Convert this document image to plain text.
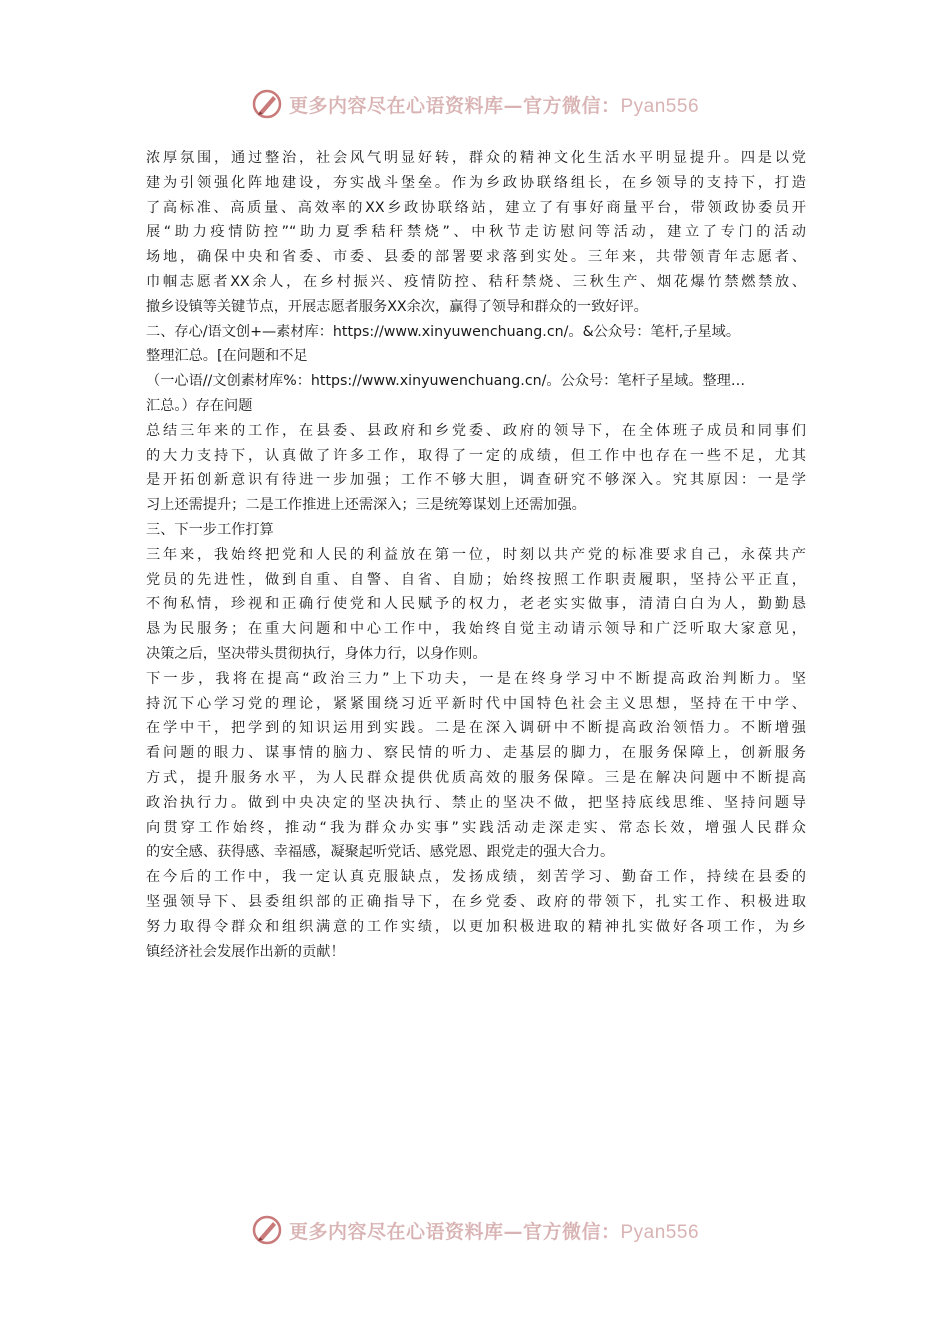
更多内容尽在心语资料库—官方微信：Pyan556
浓厚氛围，通过整治，社会风气明显好转，群众的精神文化生活水平明显提升。四是以党
建为引领强化阵地建设，夯实战斗堡垒。作为乡政协联络组长，在乡领导的支持下，打造
了高标准、高质量、高效率的XX乡政协联络站，建立了有事好商量平台，带领政协委员开
展“助力疫情防控”“助力夏季秸秆禁烧”、中秋节走访慰问等活动，建立了专门的活动
场地，确保中央和省委、市委、县委的部署要求落到实处。三年来，共带领青年志愿者、
巾帼志愿者XX余人，在乡村振兴、疫情防控、秸秆禁烧、三秋生产、烟花爆竹禁燃禁放、
撤乡设镇等关键节点，开展志愿者服务XX余次，赢得了领导和群众的一致好评。
二、存心/语文创+—素材库：https://www.xinyuwenchuang.cn/。&公众号：笔杆,子星域。
整理汇总。[在问题和不足
（一心语//文创素材库%：https://www.xinyuwenchuang.cn/。公众号：笔杆子星域。整理…
汇总。）存在问题
总结三年来的工作，在县委、县政府和乡党委、政府的领导下，在全体班子成员和同事们
的大力支持下，认真做了许多工作，取得了一定的成绩，但工作中也存在一些不足，尤其
是开拓创新意识有待进一步加强；工作不够大胆，调查研究不够深入。究其原因：一是学
习上还需提升；二是工作推进上还需深入；三是统筹谋划上还需加强。
三、下一步工作打算
三年来，我始终把党和人民的利益放在第一位，时刻以共产党的标准要求自己，永葆共产
党员的先进性，做到自重、自警、自省、自励；始终按照工作职责履职，坚持公平正直，
不徇私情，珍视和正确行使党和人民赋予的权力，老老实实做事，清清白白为人，勤勤恳
恳为民服务；在重大问题和中心工作中，我始终自觉主动请示领导和广泛听取大家意见，
决策之后，坚决带头贯彻执行，身体力行，以身作则。
下一步，我将在提高“政治三力”上下功夫，一是在终身学习中不断提高政治判断力。坚
持沉下心学习党的理论，紧紧围绕习近平新时代中国特色社会主义思想，坚持在干中学、
在学中干，把学到的知识运用到实践。二是在深入调研中不断提高政治领悟力。不断增强
看问题的眼力、谋事情的脑力、察民情的听力、走基层的脚力，在服务保障上，创新服务
方式，提升服务水平，为人民群众提供优质高效的服务保障。三是在解决问题中不断提高
政治执行力。做到中央决定的坚决执行、禁止的坚决不做，把坚持底线思维、坚持问题导
向贯穿工作始终，推动“我为群众办实事”实践活动走深走实、常态长效，增强人民群众
的安全感、获得感、幸福感，凝聚起听党话、感党恩、跟党走的强大合力。
在今后的工作中，我一定认真克服缺点，发扬成绩，刻苦学习、勤奋工作，持续在县委的
坚强领导下、县委组织部的正确指导下，在乡党委、政府的带领下，扎实工作、积极进取
努力取得令群众和组织满意的工作实绩，以更加积极进取的精神扎实做好各项工作，为乡
镇经济社会发展作出新的贡献！
更多内容尽在心语资料库—官方微信：Pyan556
